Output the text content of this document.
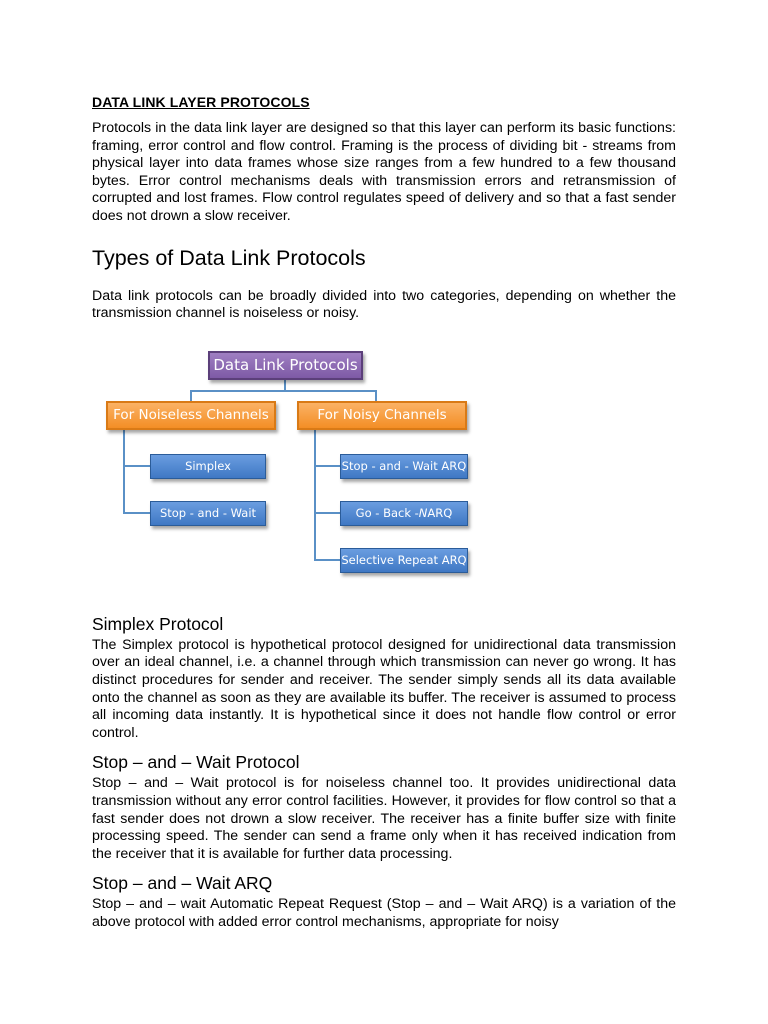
DATA LINK LAYER PROTOCOLS

Protocols in the data link layer are designed so that this layer can perform its basic functions: framing, error control and flow control. Framing is the process of dividing bit - streams from physical layer into data frames whose size ranges from a few hundred to a few thousand bytes. Error control mechanisms deals with transmission errors and retransmission of corrupted and lost frames. Flow control regulates speed of delivery and so that a fast sender does not drown a slow receiver.

Types of Data Link Protocols

Data link protocols can be broadly divided into two categories, depending on whether the transmission channel is noiseless or noisy.

Data Link Protocols
For Noiseless Channels	For Noisy Channels
Simplex
Stop - and - Wait
Stop - and - Wait ARQ
Go - Back - N ARQ
Selective Repeat ARQ
Simplex Protocol

The Simplex protocol is hypothetical protocol designed for unidirectional data transmission over an ideal channel, i.e. a channel through which transmission can never go wrong. It has distinct procedures for sender and receiver. The sender simply sends all its data available onto the channel as soon as they are available its buffer. The receiver is assumed to process all incoming data instantly. It is hypothetical since it does not handle flow control or error control.

Stop – and – Wait Protocol

Stop – and – Wait protocol is for noiseless channel too. It provides unidirectional data transmission without any error control facilities. However, it provides for flow control so that a fast sender does not drown a slow receiver. The receiver has a finite buffer size with finite processing speed. The sender can send a frame only when it has received indication from the receiver that it is available for further data processing.

Stop – and – Wait ARQ

Stop – and – wait Automatic Repeat Request (Stop – and – Wait ARQ) is a variation of the above protocol with added error control mechanisms, appropriate for noisy
